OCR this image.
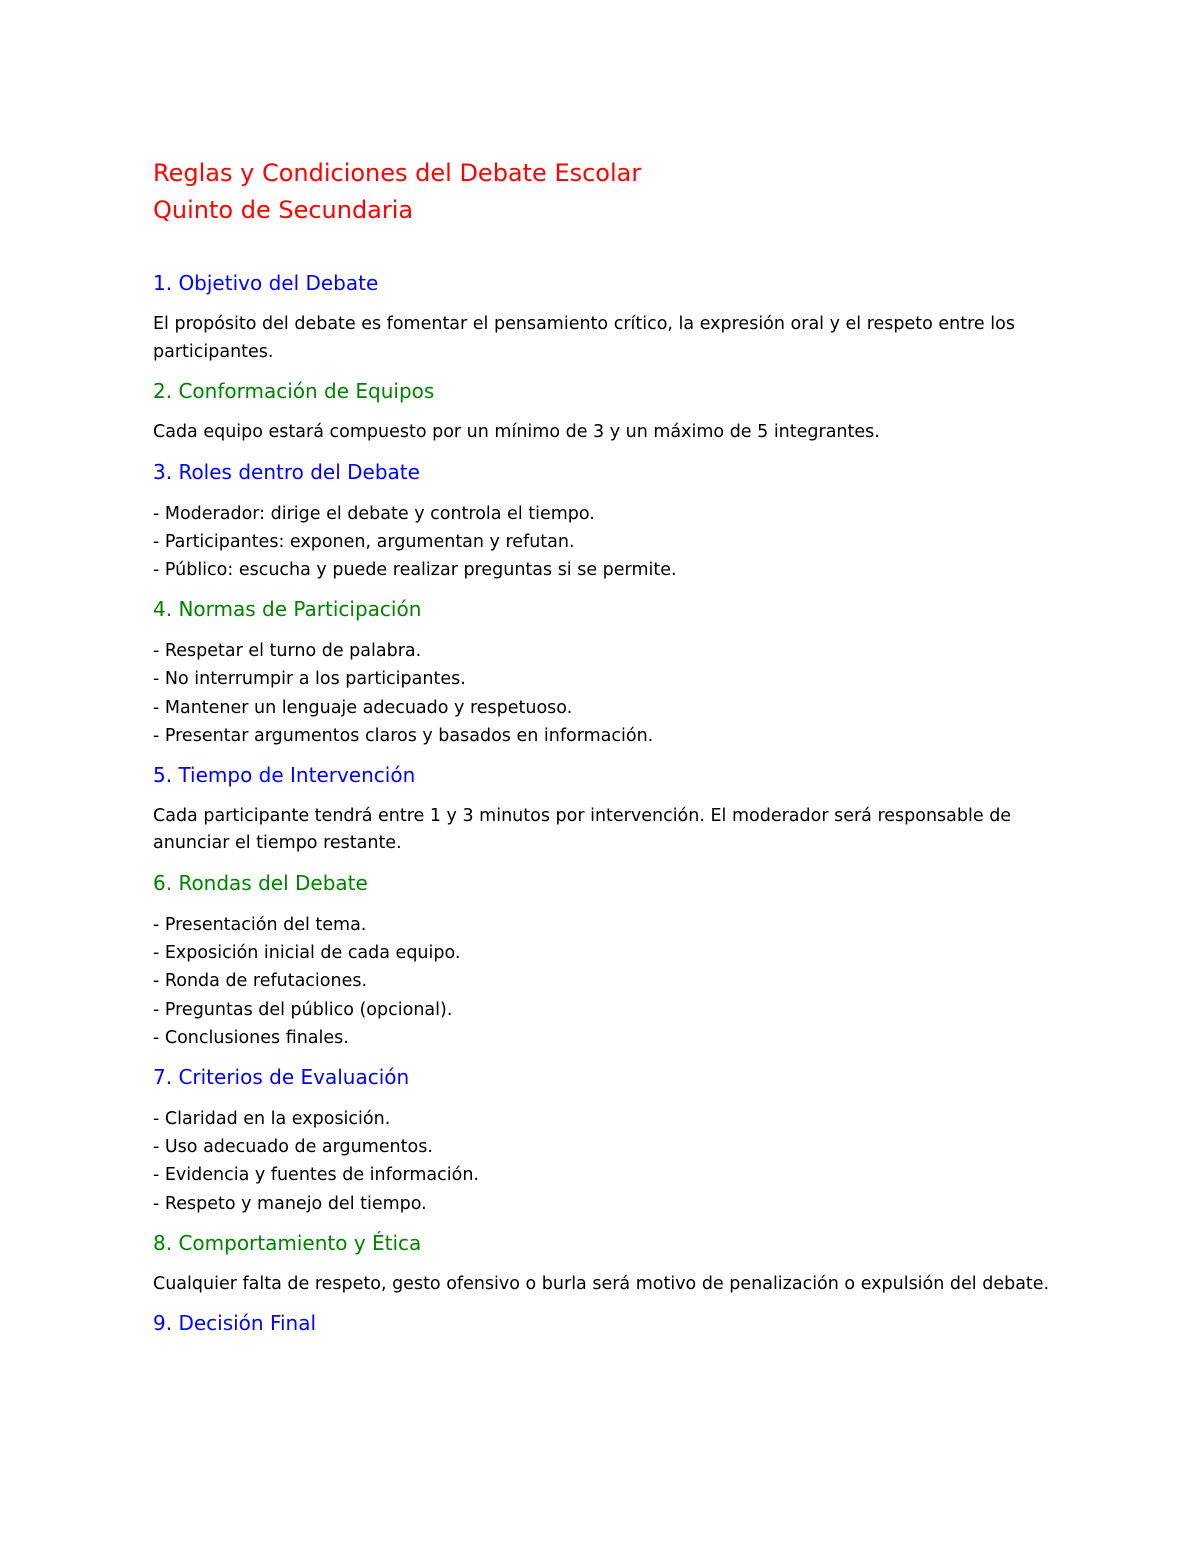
Reglas y Condiciones del Debate Escolar
Quinto de Secundaria
1. Objetivo del Debate

El propósito del debate es fomentar el pensamiento crítico, la expresión oral y el respeto entre los participantes.

2. Conformación de Equipos

Cada equipo estará compuesto por un mínimo de 3 y un máximo de 5 integrantes.

3. Roles dentro del Debate
- Moderador: dirige el debate y controla el tiempo.
- Participantes: exponen, argumentan y refutan.
- Público: escucha y puede realizar preguntas si se permite.
4. Normas de Participación
- Respetar el turno de palabra.
- No interrumpir a los participantes.
- Mantener un lenguaje adecuado y respetuoso.
- Presentar argumentos claros y basados en información.
5. Tiempo de Intervención

Cada participante tendrá entre 1 y 3 minutos por intervención. El moderador será responsable de anunciar el tiempo restante.

6. Rondas del Debate
- Presentación del tema.
- Exposición inicial de cada equipo.
- Ronda de refutaciones.
- Preguntas del público (opcional).
- Conclusiones finales.
7. Criterios de Evaluación
- Claridad en la exposición.
- Uso adecuado de argumentos.
- Evidencia y fuentes de información.
- Respeto y manejo del tiempo.
8. Comportamiento y Ética

Cualquier falta de respeto, gesto ofensivo o burla será motivo de penalización o expulsión del debate.

9. Decisión Final
